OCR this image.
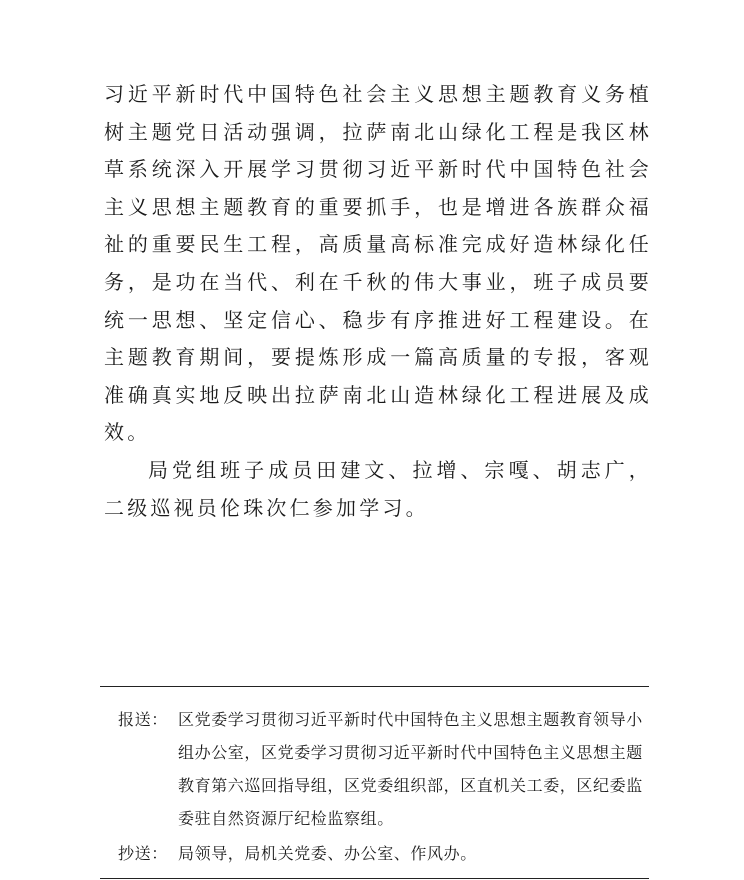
习近平新时代中国特色社会主义思想主题教育义务植树主题党日活动强调，拉萨南北山绿化工程是我区林草系统深入开展学习贯彻习近平新时代中国特色社会主义思想主题教育的重要抓手，也是增进各族群众福祉的重要民生工程，高质量高标准完成好造林绿化任务，是功在当代、利在千秋的伟大事业，班子成员要统一思想、坚定信心、稳步有序推进好工程建设。在主题教育期间，要提炼形成一篇高质量的专报，客观准确真实地反映出拉萨南北山造林绿化工程进展及成效。

局党组班子成员田建文、拉增、宗嘎、胡志广，二级巡视员伦珠次仁参加学习。

报送： 区党委学习贯彻习近平新时代中国特色主义思想主题教育领导小组办公室，区党委学习贯彻习近平新时代中国特色主义思想主题教育第六巡回指导组，区党委组织部，区直机关工委，区纪委监委驻自然资源厅纪检监察组。
抄送： 局领导，局机关党委、办公室、作风办。
